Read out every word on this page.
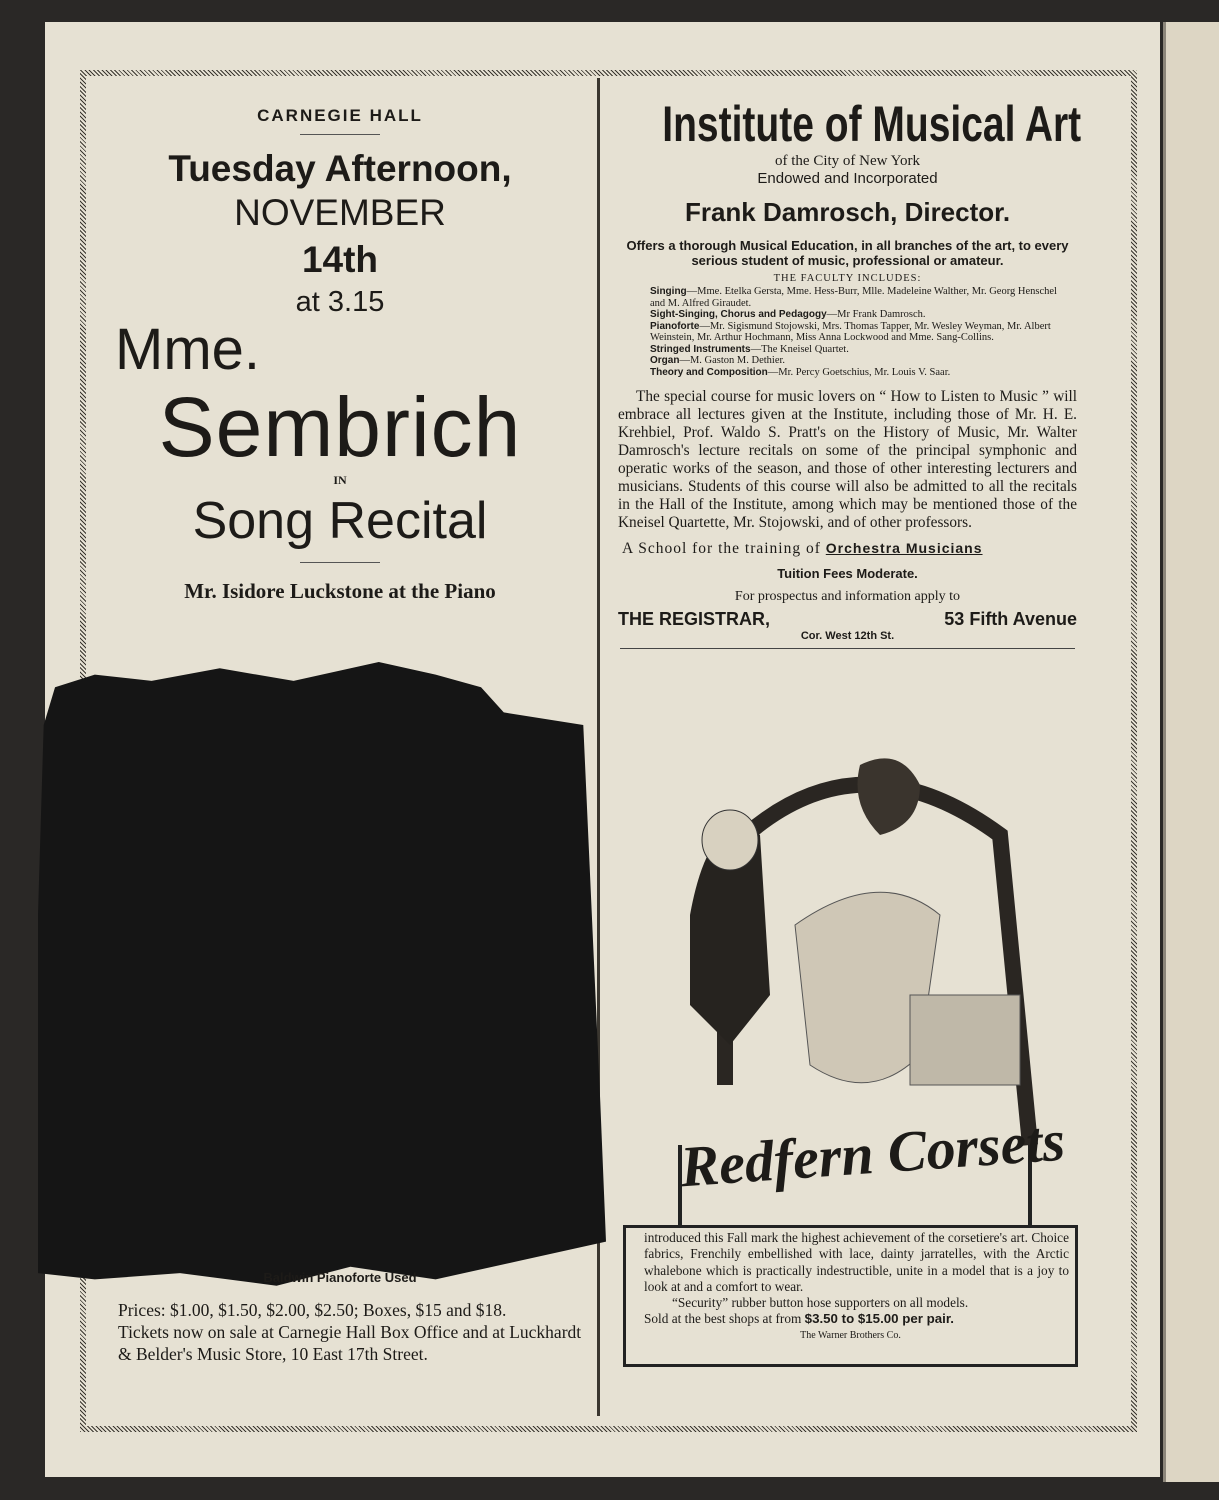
CARNEGIE HALL
Tuesday Afternoon,
NOVEMBER
14th
at 3.15
Mme.
Sembrich
IN
Song Recital
Mr. Isidore Luckstone at the Piano
Baldwin Pianoforte Used
Prices: $1.00, $1.50, $2.00, $2.50; Boxes, $15 and $18.
Tickets now on sale at Carnegie Hall Box Office and at Luckhardt & Belder's Music Store, 10 East 17th Street.
Institute of Musical Art
of the City of New York
Endowed and Incorporated
Frank Damrosch, Director.
Offers a thorough Musical Education, in all branches of the art, to every serious student of music, professional or amateur.
THE FACULTY INCLUDES:
Singing—Mme. Etelka Gersta, Mme. Hess-Burr, Mlle. Madeleine Walther, Mr. Georg Henschel and M. Alfred Giraudet.
Sight-Singing, Chorus and Pedagogy—Mr Frank Damrosch.
Pianoforte—Mr. Sigismund Stojowski, Mrs. Thomas Tapper, Mr. Wesley Weyman, Mr. Albert Weinstein, Mr. Arthur Hochmann, Miss Anna Lockwood and Mme. Sang-Collins.
Stringed Instruments—The Kneisel Quartet.
Organ—M. Gaston M. Dethier.
Theory and Composition—Mr. Percy Goetschius, Mr. Louis V. Saar.
The special course for music lovers on “ How to Listen to Music ” will embrace all lectures given at the Institute, including those of Mr. H. E. Krehbiel, Prof. Waldo S. Pratt's on the History of Music, Mr. Walter Damrosch's lecture recitals on some of the principal symphonic and operatic works of the season, and those of other interesting lecturers and musicians. Students of this course will also be admitted to all the recitals in the Hall of the Institute, among which may be mentioned those of the Kneisel Quartette, Mr. Stojowski, and of other professors.
A School for the training of Orchestra Musicians
Tuition Fees Moderate.
For prospectus and information apply to
THE REGISTRAR,	53 Fifth Avenue
Cor. West 12th St.
Redfern Corsets
introduced this Fall mark the highest achievement of the corsetiere's art. Choice fabrics, Frenchily embellished with lace, dainty jarratelles, with the Arctic whalebone which is practically indestructible, unite in a model that is a joy to look at and a comfort to wear.
“Security” rubber button hose supporters on all models.
Sold at the best shops at from $3.50 to $15.00 per pair.
The Warner Brothers Co.
